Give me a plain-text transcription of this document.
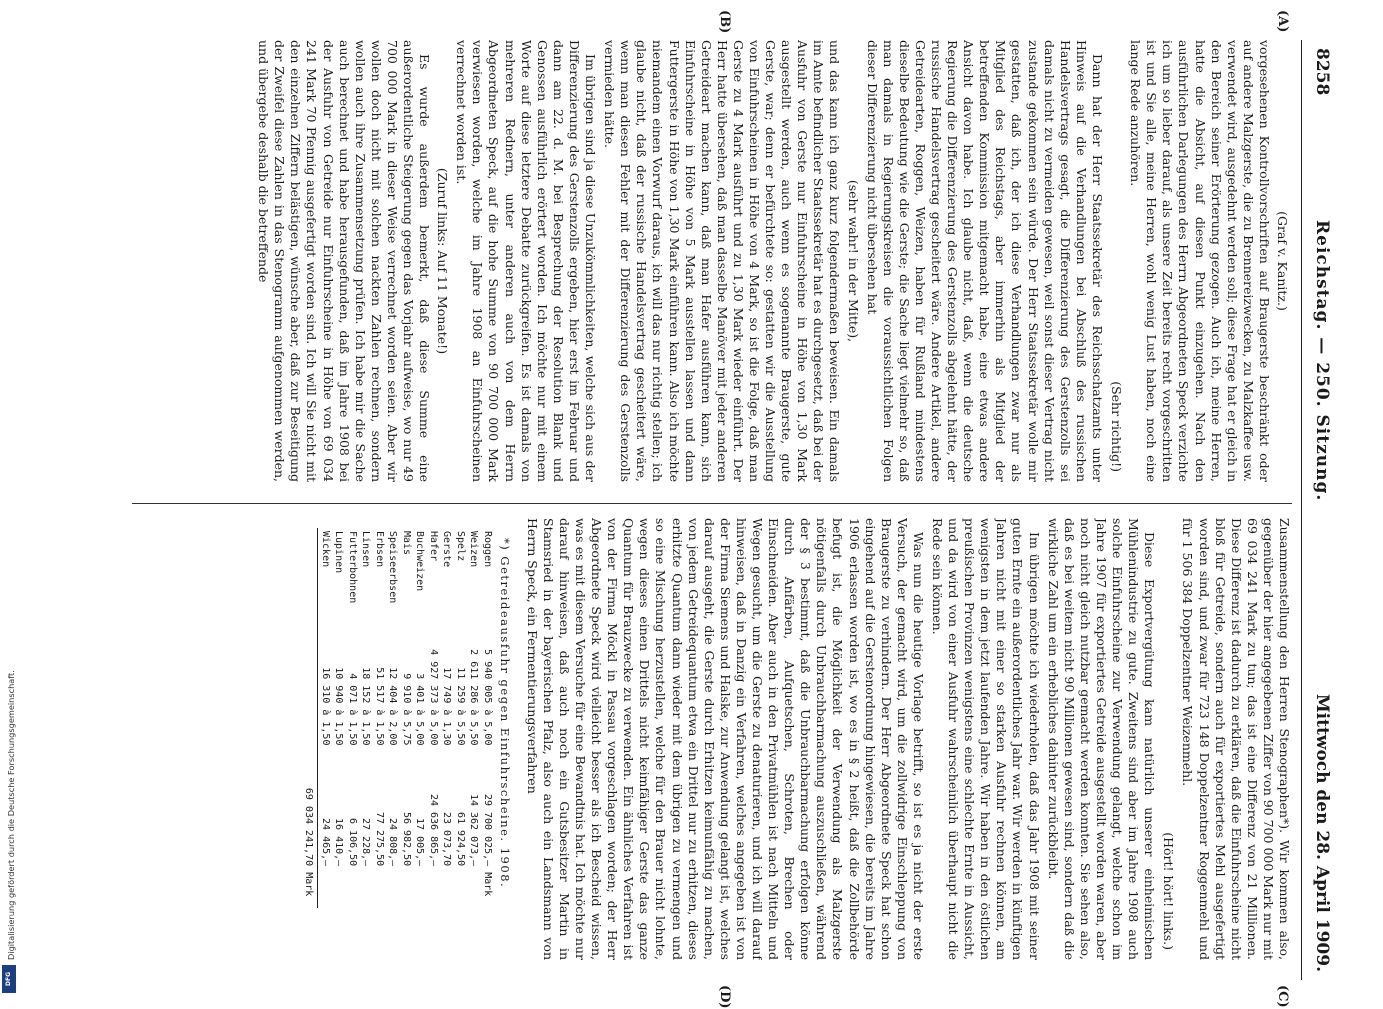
8258
Reichstag. — 250. Sitzung.
Mittwoch den 28. April 1909.
(A)
(B)
(C)
(D)
(Graf v. Kanitz.)

vorgesehenen Kontrollvorschriften auf Braugerste beschränkt oder auf andere Malzgerste, die zu Brennereizwecken, zu Malzkaffee usw. verwendet wird, ausgedehnt werden soll; diese Frage hat er gleich in den Bereich seiner Erörterung gezogen. Auch ich, meine Herren, hatte die Absicht, auf diesen Punkt einzugehen. Nach den ausführlichen Darlegungen des Herrn Abgeordneten Speck verzichte ich um so lieber darauf, als unsere Zeit bereits recht vorgeschritten ist und Sie alle, meine Herren, wohl wenig Lust haben, noch eine lange Rede anzuhören.

(Sehr richtig!)

Dann hat der Herr Staatssekretär des Reichsschatzamts unter Hinweis auf die Verhandlungen bei Abschluß des russischen Handelsvertrags gesagt, die Differenzierung des Gerstenzolls sei damals nicht zu vermeiden gewesen, weil sonst dieser Vertrag nicht zustande gekommen sein würde. Der Herr Staatssekretär wolle mir gestatten, daß ich, der ich diese Verhandlungen zwar nur als Mitglied des Reichstags, aber immerhin als Mitglied der betreffenden Kommission mitgemacht habe, eine etwas andere Ansicht davon habe. Ich glaube nicht, daß, wenn die deutsche Regierung die Differenzierung des Gerstenzolls abgelehnt hätte, der russische Handelsvertrag gescheitert wäre. Andere Artikel, andere Getreidearten, Roggen, Weizen, haben für Rußland mindestens dieselbe Bedeutung wie die Gerste; die Sache liegt vielmehr so, daß man damals in Regierungskreisen die voraussichtlichen Folgen dieser Differenzierung nicht übersehen hat

(sehr wahr! in der Mitte),

und das kann ich ganz kurz folgendermaßen beweisen. Ein damals im Amte befindlicher Staatssekretär hat es durchgesetzt, daß bei der Ausfuhr von Gerste nur Einfuhrscheine in Höhe von 1,30 Mark ausgestellt werden, auch wenn es sogenannte Braugerste, gute Gerste, war; denn er befürchtete so: gestatten wir die Ausstellung von Einfuhrscheinen in Höhe von 4 Mark, so ist die Folge, daß man Gerste zu 4 Mark ausführt und zu 1,30 Mark wieder einführt. Der Herr hatte übersehen, daß man dasselbe Manöver mit jeder anderen Getreideart machen kann, daß man Hafer ausführen kann, sich Einfuhrscheine in Höhe von 5 Mark ausstellen lassen und dann Futtergerste in Höhe von 1,30 Mark einführen kann. Also ich möchte niemandem einen Vorwurf daraus, ich will das nur richtig stellen; ich glaube nicht, daß der russische Handelsvertrag gescheitert wäre, wenn man diesen Fehler mit der Differenzierung des Gerstenzolls vermieden hätte.

Im übrigen sind ja diese Unzukömmlichkeiten, welche sich aus der Differenzierung des Gerstenzolls ergeben, hier erst im Februar und dann am 22. d. M. bei Besprechung der Resolution Blank und Genossen ausführlich erörtert worden. Ich möchte nur mit einem Worte auf diese letztere Debatte zurückgreifen. Es ist damals von mehreren Rednern, unter anderen auch von dem Herrn Abgeordneten Speck, auf die hohe Summe von 90 700 000 Mark verwiesen worden, welche im Jahre 1908 an Einfuhrscheinen verrechnet worden ist.

(Zuruf links: Auf 11 Monate!)

Es wurde außerdem bemerkt, daß diese Summe eine außerordentliche Steigerung gegen das Vorjahr aufweise, wo nur 49 700 000 Mark in dieser Weise verrechnet worden seien. Aber wir wollen doch nicht mit solchen nackten Zahlen rechnen, sondern wollen auch ihre Zusammensetzung prüfen. Ich habe mir die Sache auch berechnet und habe herausgefunden, daß im Jahre 1908 bei der Ausfuhr von Getreide nur Einfuhrscheine in Höhe von 69 034 241 Mark 70 Pfennig ausgefertigt worden sind. Ich will Sie nicht mit den einzelnen Ziffern belästigen, wünsche aber, daß zur Beseitigung der Zweifel diese Zahlen in das Stenogramm aufgenommen werden, und übergebe deshalb die betreffende

Zusammenstellung den Herren Stenographen*). Wir kommen also, gegenüber der hier angegebenen Ziffer von 90 700 000 Mark nur mit 69 034 241 Mark zu tun; das ist eine Differenz von 21 Millionen. Diese Differenz ist dadurch zu erklären, daß die Einfuhrscheine nicht bloß für Getreide, sondern auch für exportiertes Mehl ausgefertigt worden sind, und zwar für 723 148 Doppelzentner Roggenmehl und für 1 506 384 Doppelzentner Weizenmehl.

(Hört! hört! links.)

Diese Exportvergütung kam natürlich unserer einheimischen Mühlenindustrie zu gute. Zweitens sind aber im Jahre 1908 auch solche Einfuhrscheine zur Verwendung gelangt, welche schon im Jahre 1907 für exportiertes Getreide ausgestellt worden waren, aber noch nicht gleich nutzbar gemacht werden konnten. Sie sehen also, daß es bei weitem nicht 90 Millionen gewesen sind, sondern daß die wirkliche Zahl um ein erhebliches dahinter zurückbleibt.

Im übrigen möchte ich wiederholen, daß das Jahr 1908 mit seiner guten Ernte ein außerordentliches Jahr war. Wir werden in künftigen Jahren nicht mit einer so starken Ausfuhr rechnen können, am wenigsten in dem jetzt laufenden Jahre. Wir haben in den östlichen preußischen Provinzen wenigstens eine schlechte Ernte in Aussicht, und da wird von einer Ausfuhr wahrscheinlich überhaupt nicht die Rede sein können.

Was nun die heutige Vorlage betrifft, so ist es ja nicht der erste Versuch, der gemacht wird, um die zollwidrige Einschleppung von Braugerste zu verhindern. Der Herr Abgeordnete Speck hat schon eingehend auf die Gerstenordnung hingewiesen, die bereits im Jahre 1906 erlassen worden ist, wo es in § 2 heißt, daß die Zollbehörde befugt ist, die Möglichkeit der Verwendung als Malzgerste nötigenfalls durch Unbrauchbarmachung auszuschließen, während der § 3 bestimmt, daß die Unbrauchbarmachung erfolgen könne durch Anfärben, Aufquetschen, Schroten, Brechen oder Einschneiden. Aber auch in den Privatmühlen ist nach Mitteln und Wegen gesucht, um die Gerste zu denaturieren, und ich will darauf hinweisen, daß in Danzig ein Verfahren, welches angegeben ist von der Firma Siemens und Halske, zur Anwendung gelangt ist, welches darauf ausgeht, die Gerste durch Erhitzen keimunfähig zu machen, von jedem Getreidequantum etwa ein Drittel nur zu erhitzen, dieses erhitzte Quantum dann wieder mit dem übrigen zu vermengen und so eine Mischung herzustellen, welche für den Brauer nicht lohnte, wegen dieses einen Drittels nicht keimfähiger Gerste das ganze Quantum für Brauzwecke zu verwenden. Ein ähnliches Verfahren ist von der Firma Möckl in Passau vorgeschlagen worden; der Herr Abgeordnete Speck wird vielleicht besser als ich Bescheid wissen, was es mit diesem Versuche für eine Bewandtnis hat. Ich möchte nur darauf hinweisen, daß auch noch ein Gutsbesitzer Martin in Stamsried in der bayerischen Pfalz, also auch ein Landsmann von Herrn Speck, ein Fermentierungsverfahren

*) Getreideausfuhr gegen Einfuhrscheine. 1908.
Roggen	5 940 005	à 5,00	29 700 025,—	Mark
Weizen	2 611 286	à 5,50	14 362 073,—	
Spelz	11 259	à 5,50	61 924,50	
Gerste	17 749	à 1,30	23 073,70	
Hafer	4 927 373	à 5,00	24 636 865,—	
Buchweizen	3 401	à 5,00	17 005,—	
Mais	9 910	à 5,75	56 982,50	
Speiseerbsen	12 404	à 2,00	24 808,—	
Erbsen	51 517	à 1,50	77 275,50	
Linsen	18 152	à 1,50	27 228,—	
Futterbohnen	4 071	à 1,50	6 106,50	
Lupinen	10 940	à 1,50	16 410,—	
Wicken	16 310	à 1,50	24 465,—	
			69 034 241,70	Mark
Digitalisierung gefördert durch die Deutsche Forschungsgemeinschaft.
DFG
